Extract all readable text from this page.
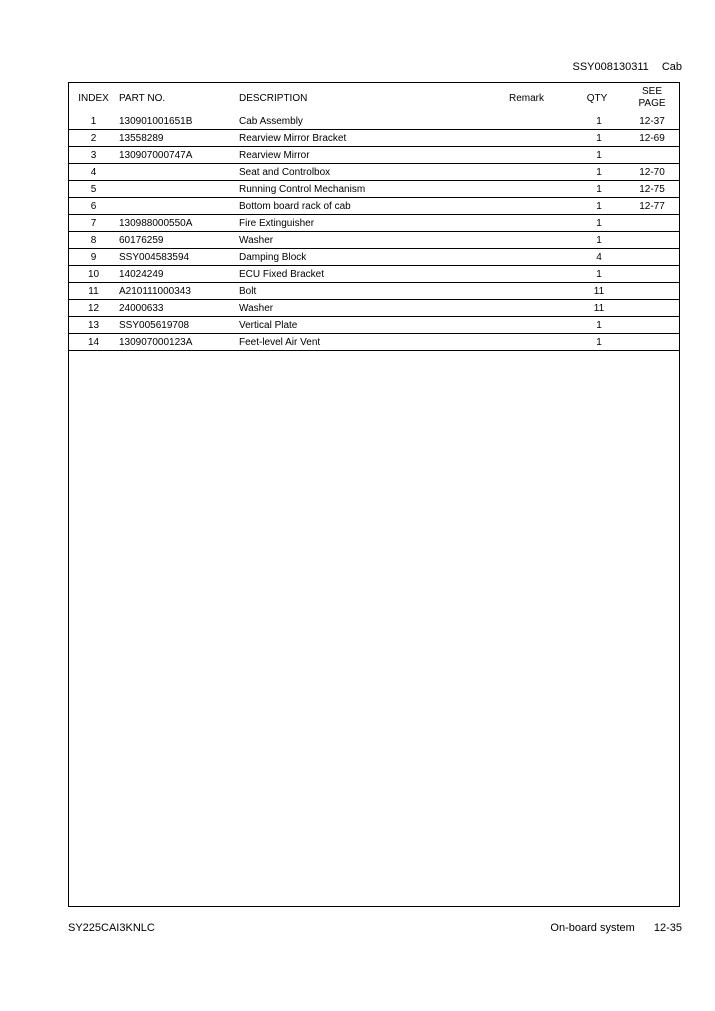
SSY008130311 Cab
INDEX	PART NO.	DESCRIPTION	Remark	QTY	SEE
PAGE
1	130901001651B	Cab Assembly		1	12-37
2	13558289	Rearview Mirror Bracket		1	12-69
3	130907000747A	Rearview Mirror		1	
4		Seat and Controlbox		1	12-70
5		Running Control Mechanism		1	12-75
6		Bottom board rack of cab		1	12-77
7	130988000550A	Fire Extinguisher		1	
8	60176259	Washer		1	
9	SSY004583594	Damping Block		4	
10	14024249	ECU Fixed Bracket		1	
11	A210111000343	Bolt		11	
12	24000633	Washer		11	
13	SSY005619708	Vertical Plate		1	
14	130907000123A	Feet-level Air Vent		1	
SY225CAI3KNLC	On-board system 12-35
